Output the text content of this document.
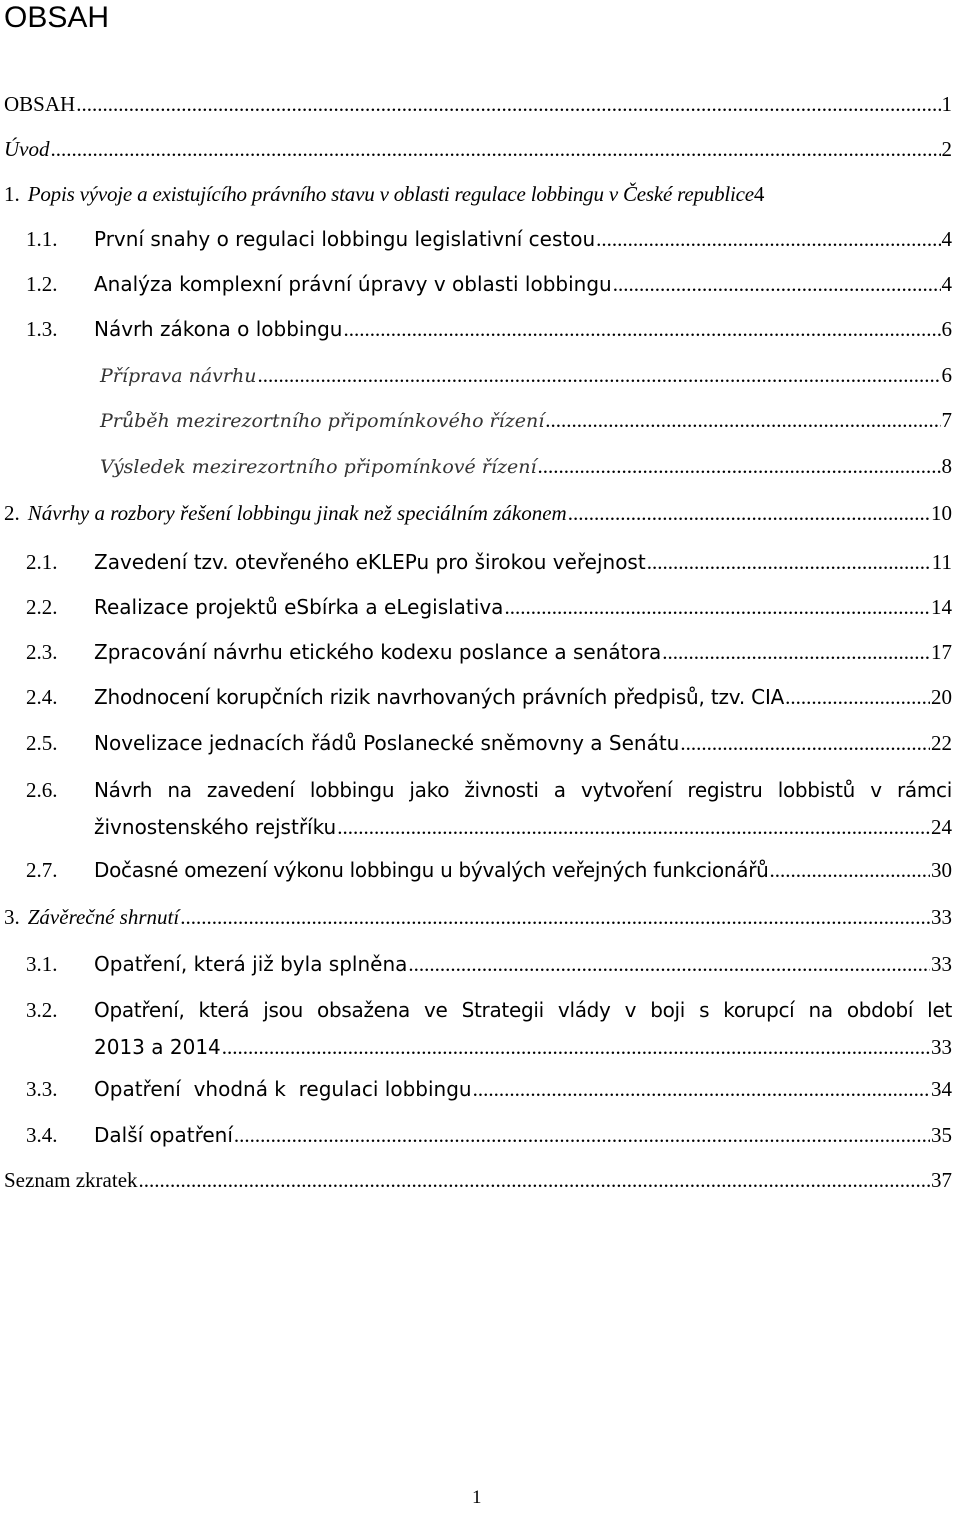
OBSAH
OBSAH .....	1
Úvod .....	2
1. Popis vývoje a existujícího právního stavu v oblasti regulace lobbingu v České republice 4
1.1. První snahy o regulaci lobbingu legislativní cestou .....	4
1.2. Analýza komplexní právní úpravy v oblasti lobbingu .....	4
1.3. Návrh zákona o lobbingu .....	6
Příprava návrhu .....	6
Průběh mezirezortního připomínkového řízení .....	7
Výsledek mezirezortního připomínkové řízení .....	8
2. Návrhy a rozbory řešení lobbingu jinak než speciálním zákonem .....	10
2.1. Zavedení tzv. otevřeného eKLEPu pro širokou veřejnost .....	11
2.2. Realizace projektů eSbírka a eLegislativa .....	14
2.3. Zpracování návrhu etického kodexu poslance a senátora .....	17
2.4. Zhodnocení korupčních rizik navrhovaných právních předpisů, tzv. CIA .....	20
2.5. Novelizace jednacích řádů Poslanecké sněmovny a Senátu .....	22
2.6. Návrh na zavedení lobbingu jako živnosti a vytvoření registru lobbistů v rámci
živnostenského rejstříku .....	24
2.7. Dočasné omezení výkonu lobbingu u bývalých veřejných funkcionářů .....	30
3. Závěrečné shrnutí .....	33
3.1. Opatření, která již byla splněna .....	33
3.2. Opatření, která jsou obsažena ve Strategii vlády v boji s korupcí na období let
2013 a 2014 .....	33
3.3. Opatření  vhodná k  regulaci lobbingu .....	34
3.4. Další opatření .....	35
Seznam zkratek .....	37
1
